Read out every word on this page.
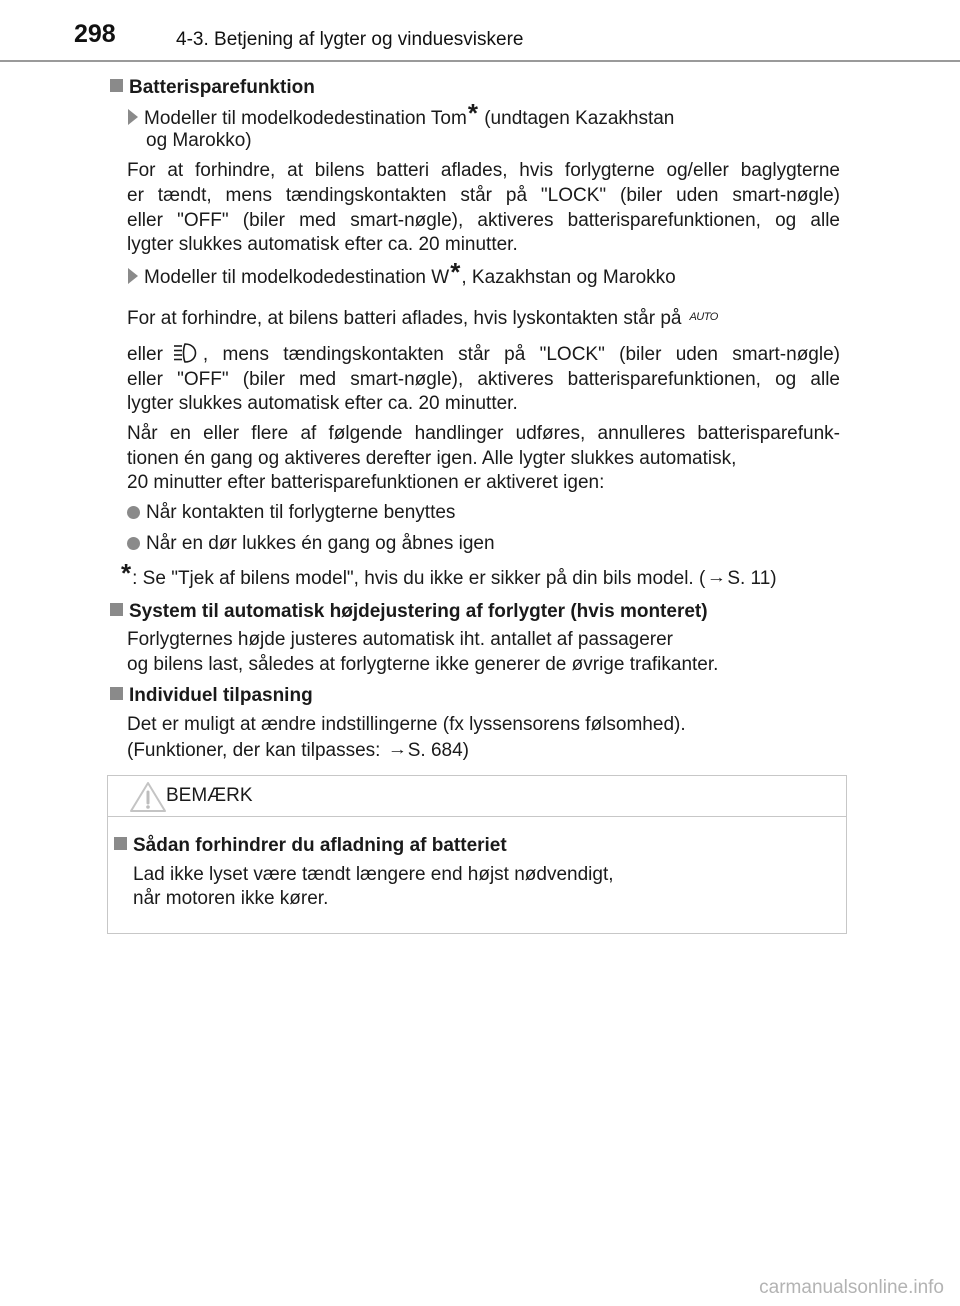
298	4-3. Betjening af lygter og vinduesviskere
Batterisparefunktion
Modeller til modelkodedestination Tom* (undtagen Kazakhstan
og Marokko)
For at forhindre, at bilens batteri aflades, hvis forlygterne og/eller baglygterne
er tændt, mens tændingskontakten står på "LOCK" (biler uden smart-nøgle)
eller "OFF" (biler med smart-nøgle), aktiveres batterisparefunktionen, og alle
lygter slukkes automatisk efter ca. 20 minutter.
Modeller til modelkodedestination W*, Kazakhstan og Marokko
For at forhindre, at bilens batteri aflades, hvis lyskontakten står på AUTO
eller , mens tændingskontakten står på "LOCK" (biler uden smart-nøgle)
eller "OFF" (biler med smart-nøgle), aktiveres batterisparefunktionen, og alle
lygter slukkes automatisk efter ca. 20 minutter.
Når en eller flere af følgende handlinger udføres, annulleres batterisparefunk-
tionen én gang og aktiveres derefter igen. Alle lygter slukkes automatisk,
20 minutter efter batterisparefunktionen er aktiveret igen:
Når kontakten til forlygterne benyttes
Når en dør lukkes én gang og åbnes igen
*: Se "Tjek af bilens model", hvis du ikke er sikker på din bils model. ( →S. 11)
System til automatisk højdejustering af forlygter (hvis monteret)
Forlygternes højde justeres automatisk iht. antallet af passagerer
og bilens last, således at forlygterne ikke generer de øvrige trafikanter.
Individuel tilpasning
Det er muligt at ændre indstillingerne (fx lyssensorens følsomhed).
(Funktioner, der kan tilpasses: →S. 684)
BEMÆRK
Sådan forhindrer du afladning af batteriet
Lad ikke lyset være tændt længere end højst nødvendigt,
når motoren ikke kører.
carmanualsonline.info
